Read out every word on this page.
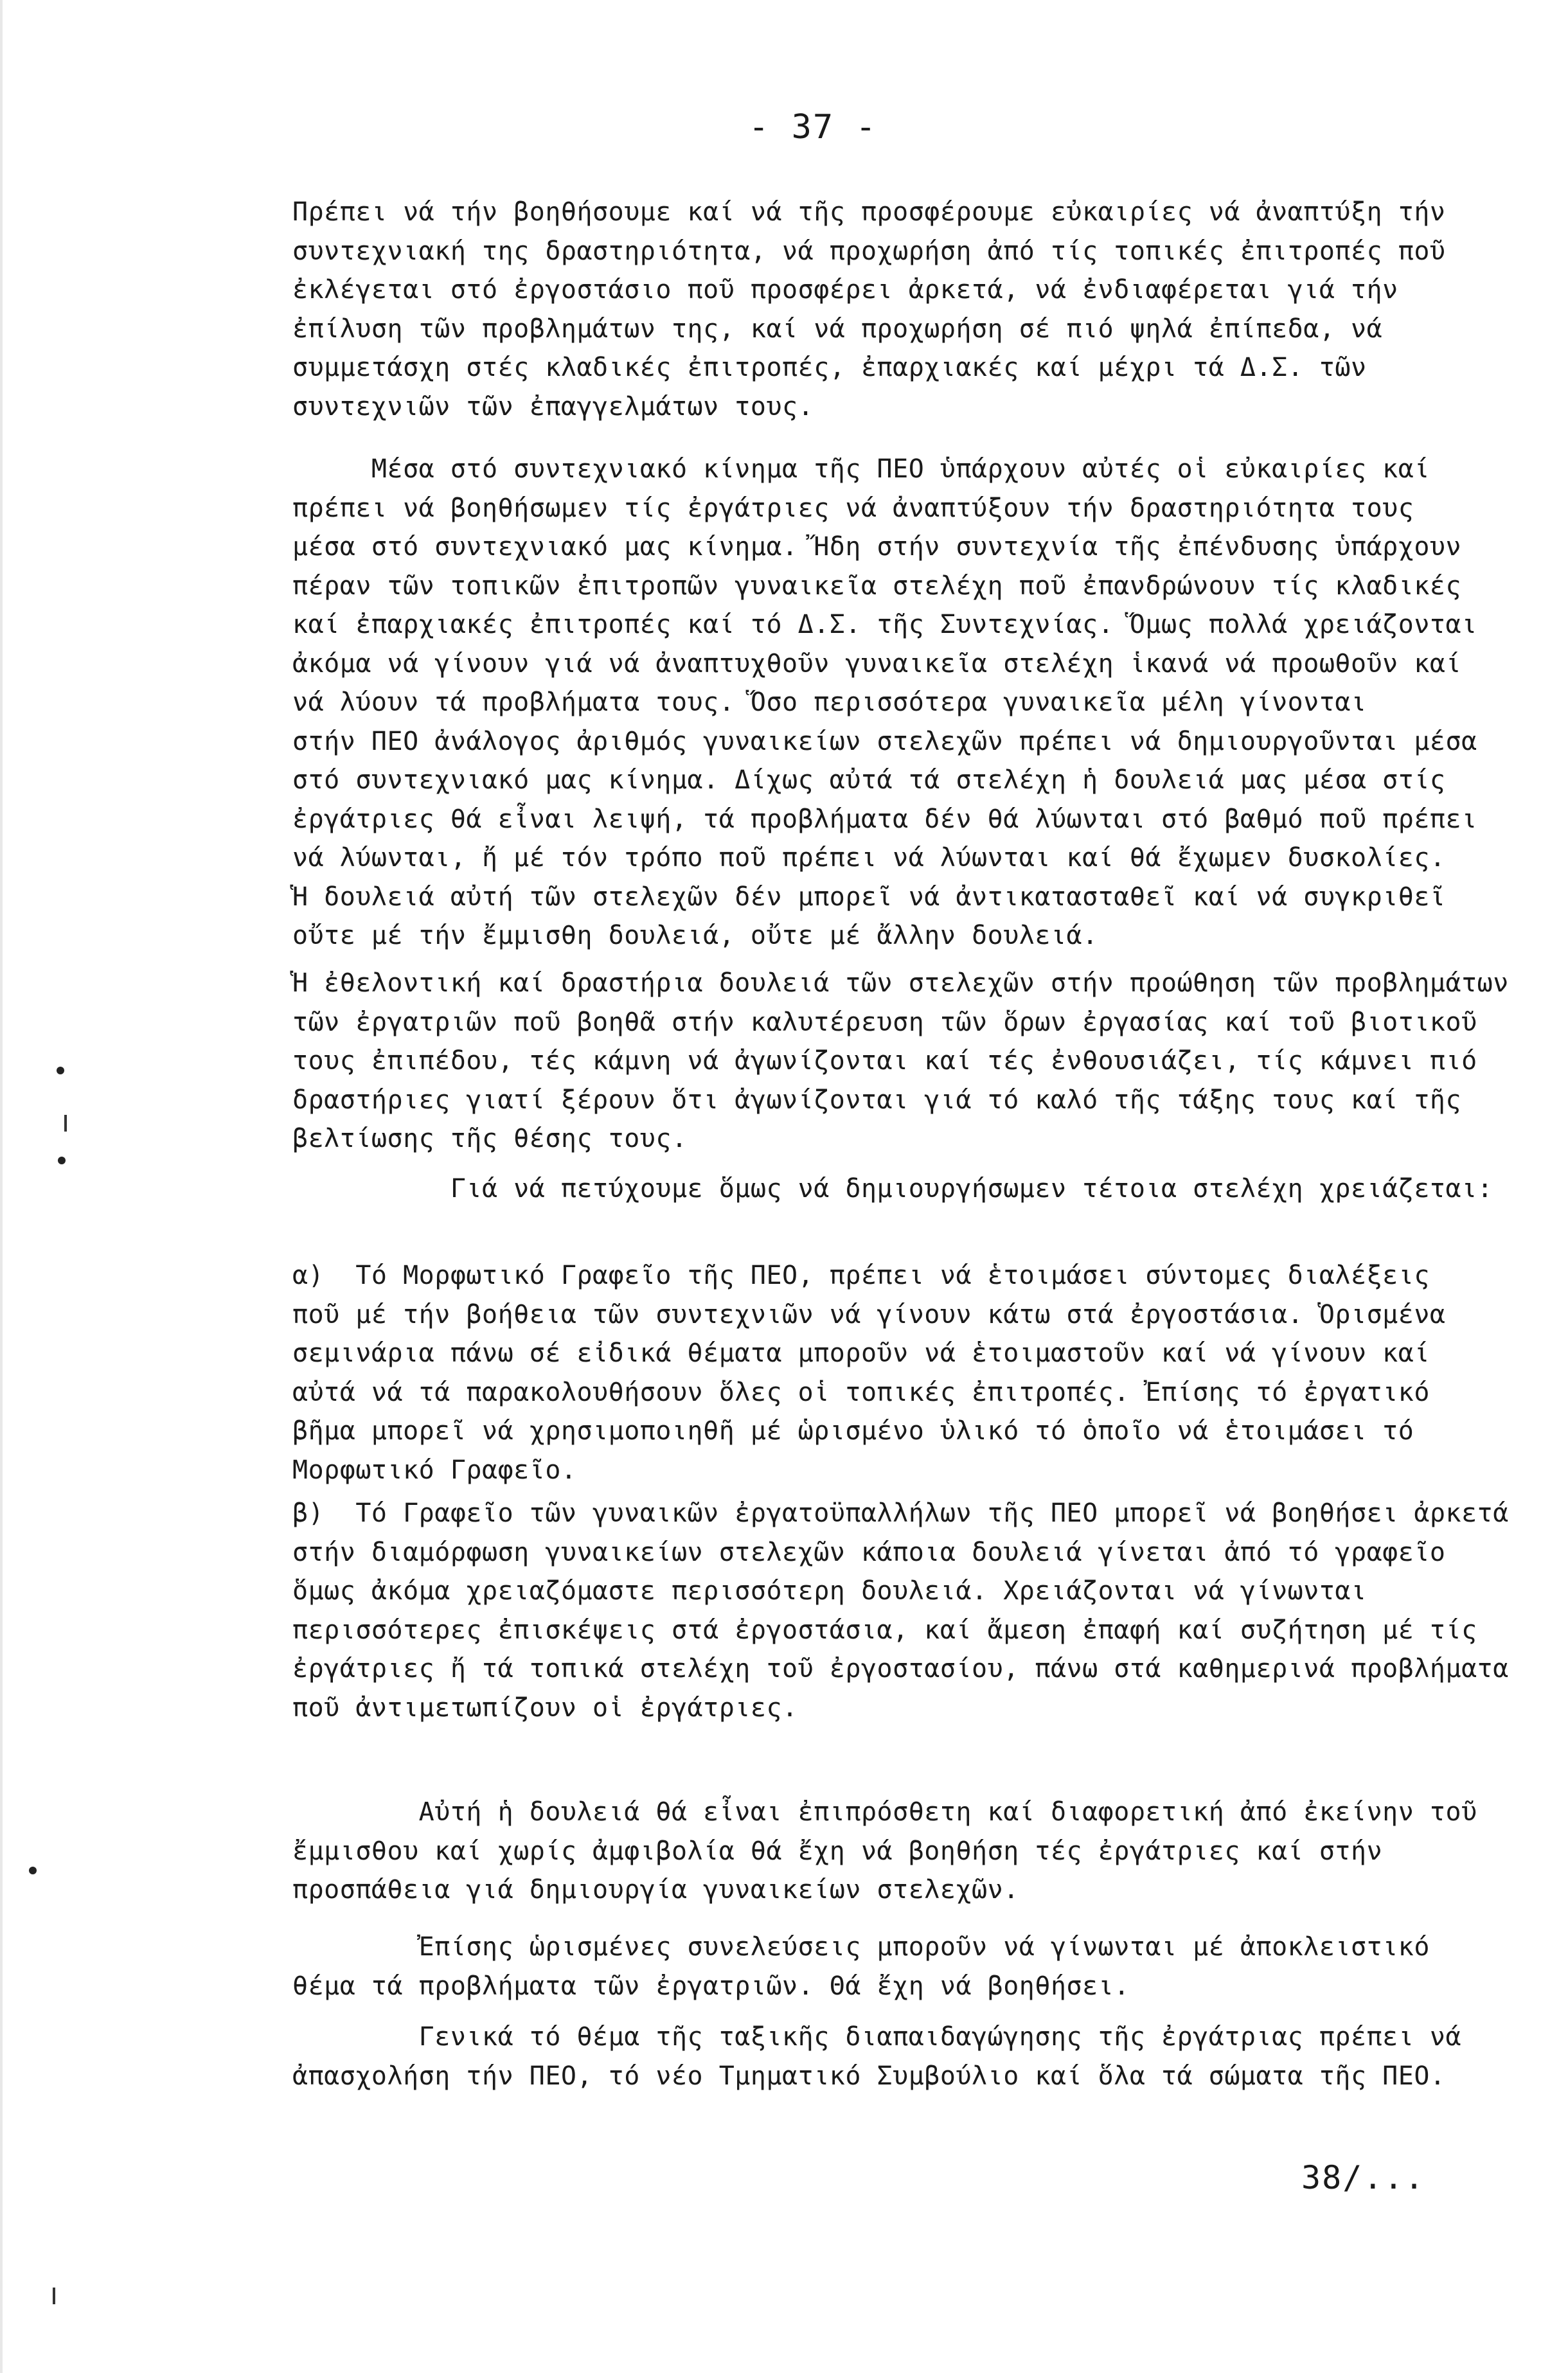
- 37 -
Πρέπει νά τήν βοηθήσουμε καί νά τῆς προσφέρουμε εὐκαιρίες νά ἀναπτύξη τήν
συντεχνιακή της δραστηριότητα, νά προχωρήση ἀπό τίς τοπικές ἐπιτροπές ποῦ
ἐκλέγεται στό ἐργοστάσιο ποῦ προσφέρει ἀρκετά, νά ἐνδιαφέρεται γιά τήν
ἐπίλυση τῶν προβλημάτων της, καί νά προχωρήση σέ πιό ψηλά ἐπίπεδα, νά
συμμετάσχη στές κλαδικές ἐπιτροπές, ἐπαρχιακές καί μέχρι τά Δ.Σ. τῶν
συντεχνιῶν τῶν ἐπαγγελμάτων τους.
Μέσα στό συντεχνιακό κίνημα τῆς ΠΕΟ ὑπάρχουν αὐτές οἱ εὐκαιρίες καί
πρέπει νά βοηθήσωμεν τίς ἐργάτριες νά ἀναπτύξουν τήν δραστηριότητα τους
μέσα στό συντεχνιακό μας κίνημα. Ἤδη στήν συντεχνία τῆς ἐπένδυσης ὑπάρχουν
πέραν τῶν τοπικῶν ἐπιτροπῶν γυναικεῖα στελέχη ποῦ ἐπανδρώνουν τίς κλαδικές
καί ἐπαρχιακές ἐπιτροπές καί τό Δ.Σ. τῆς Συντεχνίας. Ὅμως πολλά χρειάζονται
ἀκόμα νά γίνουν γιά νά ἀναπτυχθοῦν γυναικεῖα στελέχη ἱκανά νά προωθοῦν καί
νά λύουν τά προβλήματα τους. Ὅσο περισσότερα γυναικεῖα μέλη γίνονται
στήν ΠΕΟ ἀνάλογος ἀριθμός γυναικείων στελεχῶν πρέπει νά δημιουργοῦνται μέσα
στό συντεχνιακό μας κίνημα. Δίχως αὐτά τά στελέχη ἡ δουλειά μας μέσα στίς
ἐργάτριες θά εἶναι λειψή, τά προβλήματα δέν θά λύωνται στό βαθμό ποῦ πρέπει
νά λύωνται, ἤ μέ τόν τρόπο ποῦ πρέπει νά λύωνται καί θά ἔχωμεν δυσκολίες.
Ἡ δουλειά αὐτή τῶν στελεχῶν δέν μπορεῖ νά ἀντικατασταθεῖ καί νά συγκριθεῖ
οὔτε μέ τήν ἔμμισθη δουλειά, οὔτε μέ ἄλλην δουλειά.
Ἡ ἐθελοντική καί δραστήρια δουλειά τῶν στελεχῶν στήν προώθηση τῶν προβλημάτων
τῶν ἐργατριῶν ποῦ βοηθᾶ στήν καλυτέρευση τῶν ὅρων ἐργασίας καί τοῦ βιοτικοῦ
τους ἐπιπέδου, τές κάμνη νά ἀγωνίζονται καί τές ἐνθουσιάζει, τίς κάμνει πιό
δραστήριες γιατί ξέρουν ὅτι ἀγωνίζονται γιά τό καλό τῆς τάξης τους καί τῆς
βελτίωσης τῆς θέσης τους.
Γιά νά πετύχουμε ὅμως νά δημιουργήσωμεν τέτοια στελέχη χρειάζεται:
α)  Τό Μορφωτικό Γραφεῖο τῆς ΠΕΟ, πρέπει νά ἑτοιμάσει σύντομες διαλέξεις
ποῦ μέ τήν βοήθεια τῶν συντεχνιῶν νά γίνουν κάτω στά ἐργοστάσια. Ὁρισμένα
σεμινάρια πάνω σέ εἰδικά θέματα μποροῦν νά ἑτοιμαστοῦν καί νά γίνουν καί
αὐτά νά τά παρακολουθήσουν ὅλες οἱ τοπικές ἐπιτροπές. Ἐπίσης τό ἐργατικό
βῆμα μπορεῖ νά χρησιμοποιηθῆ μέ ὡρισμένο ὑλικό τό ὁποῖο νά ἑτοιμάσει τό
Μορφωτικό Γραφεῖο.
β)  Τό Γραφεῖο τῶν γυναικῶν ἐργατοϋπαλλήλων τῆς ΠΕΟ μπορεῖ νά βοηθήσει ἀρκετά
στήν διαμόρφωση γυναικείων στελεχῶν κάποια δουλειά γίνεται ἀπό τό γραφεῖο
ὅμως ἀκόμα χρειαζόμαστε περισσότερη δουλειά. Χρειάζονται νά γίνωνται
περισσότερες ἐπισκέψεις στά ἐργοστάσια, καί ἄμεση ἐπαφή καί συζήτηση μέ τίς
ἐργάτριες ἤ τά τοπικά στελέχη τοῦ ἐργοστασίου, πάνω στά καθημερινά προβλήματα
ποῦ ἀντιμετωπίζουν οἱ ἐργάτριες.
Αὐτή ἡ δουλειά θά εἶναι ἐπιπρόσθετη καί διαφορετική ἀπό ἐκείνην τοῦ
ἔμμισθου καί χωρίς ἀμφιβολία θά ἔχη νά βοηθήση τές ἐργάτριες καί στήν
προσπάθεια γιά δημιουργία γυναικείων στελεχῶν.
Ἐπίσης ὡρισμένες συνελεύσεις μποροῦν νά γίνωνται μέ ἀποκλειστικό
θέμα τά προβλήματα τῶν ἐργατριῶν. Θά ἔχη νά βοηθήσει.
Γενικά τό θέμα τῆς ταξικῆς διαπαιδαγώγησης τῆς ἐργάτριας πρέπει νά
ἀπασχολήση τήν ΠΕΟ, τό νέο Τμηματικό Συμβούλιο καί ὅλα τά σώματα τῆς ΠΕΟ.
38/...
